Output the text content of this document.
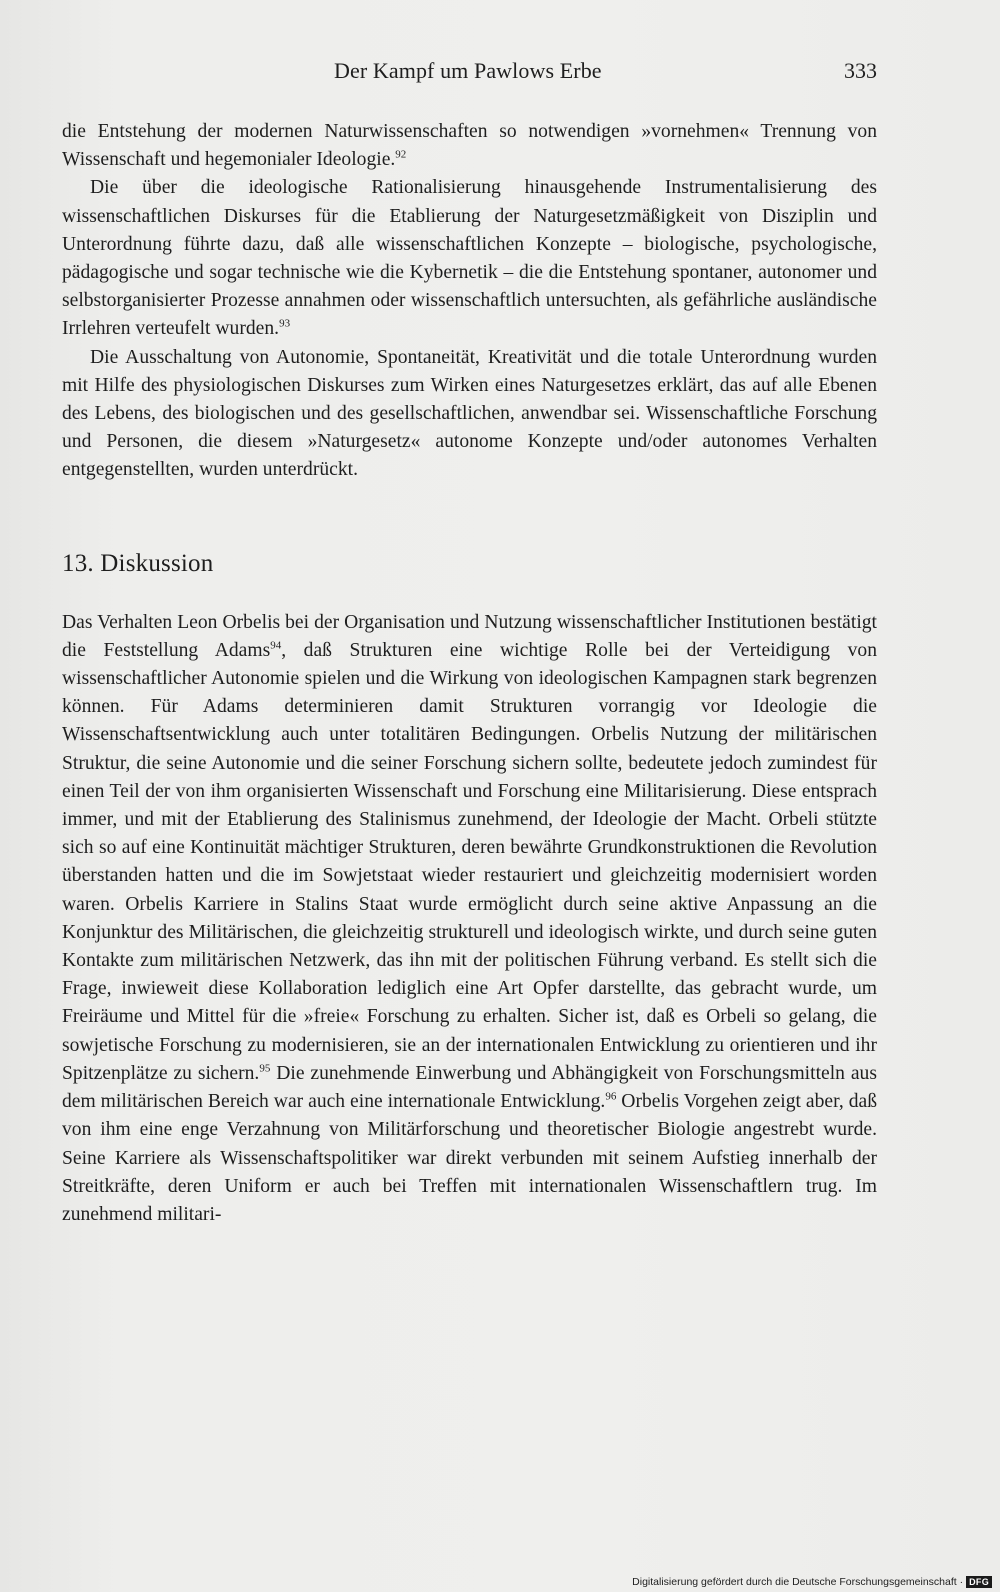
Der Kampf um Pawlows Erbe	333

die Entstehung der modernen Naturwissenschaften so notwendigen »vornehmen« Trennung von Wissenschaft und hegemonialer Ideologie.$^{92}$

Die über die ideologische Rationalisierung hinausgehende Instrumentalisierung des wissenschaftlichen Diskurses für die Etablierung der Naturgesetzmäßigkeit von Disziplin und Unterordnung führte dazu, daß alle wissenschaftlichen Konzepte – biologische, psychologische, pädagogische und sogar technische wie die Kybernetik – die die Entstehung spontaner, autonomer und selbstorganisierter Prozesse annahmen oder wissenschaftlich untersuchten, als gefährliche ausländische Irrlehren verteufelt wurden.$^{93}$

Die Ausschaltung von Autonomie, Spontaneität, Kreativität und die totale Unterordnung wurden mit Hilfe des physiologischen Diskurses zum Wirken eines Naturgesetzes erklärt, das auf alle Ebenen des Lebens, des biologischen und des gesellschaftlichen, anwendbar sei. Wissenschaftliche Forschung und Personen, die diesem »Naturgesetz« autonome Konzepte und/oder autonomes Verhalten entgegenstellten, wurden unterdrückt.

13. Diskussion

Das Verhalten Leon Orbelis bei der Organisation und Nutzung wissenschaftlicher Institutionen bestätigt die Feststellung Adams$^{94}$, daß Strukturen eine wichtige Rolle bei der Verteidigung von wissenschaftlicher Autonomie spielen und die Wirkung von ideologischen Kampagnen stark begrenzen können. Für Adams determinieren damit Strukturen vorrangig vor Ideologie die Wissenschaftsentwicklung auch unter totalitären Bedingungen. Orbelis Nutzung der militärischen Struktur, die seine Autonomie und die seiner Forschung sichern sollte, bedeutete jedoch zumindest für einen Teil der von ihm organisierten Wissenschaft und Forschung eine Militarisierung. Diese entsprach immer, und mit der Etablierung des Stalinismus zunehmend, der Ideologie der Macht. Orbeli stützte sich so auf eine Kontinuität mächtiger Strukturen, deren bewährte Grundkonstruktionen die Revolution überstanden hatten und die im Sowjetstaat wieder restauriert und gleichzeitig modernisiert worden waren. Orbelis Karriere in Stalins Staat wurde ermöglicht durch seine aktive Anpassung an die Konjunktur des Militärischen, die gleichzeitig strukturell und ideologisch wirkte, und durch seine guten Kontakte zum militärischen Netzwerk, das ihn mit der politischen Führung verband. Es stellt sich die Frage, inwieweit diese Kollaboration lediglich eine Art Opfer darstellte, das gebracht wurde, um Freiräume und Mittel für die »freie« Forschung zu erhalten. Sicher ist, daß es Orbeli so gelang, die sowjetische Forschung zu modernisieren, sie an der internationalen Entwicklung zu orientieren und ihr Spitzenplätze zu sichern.$^{95}$ Die zunehmende Einwerbung und Abhängigkeit von Forschungsmitteln aus dem militärischen Bereich war auch eine internationale Entwicklung.$^{96}$ Orbelis Vorgehen zeigt aber, daß von ihm eine enge Verzahnung von Militärforschung und theoretischer Biologie angestrebt wurde. Seine Karriere als Wissenschaftspolitiker war direkt verbunden mit seinem Aufstieg innerhalb der Streitkräfte, deren Uniform er auch bei Treffen mit internationalen Wissenschaftlern trug. Im zunehmend militari-

Digitalisierung gefördert durch die Deutsche Forschungsgemeinschaft · DFG
